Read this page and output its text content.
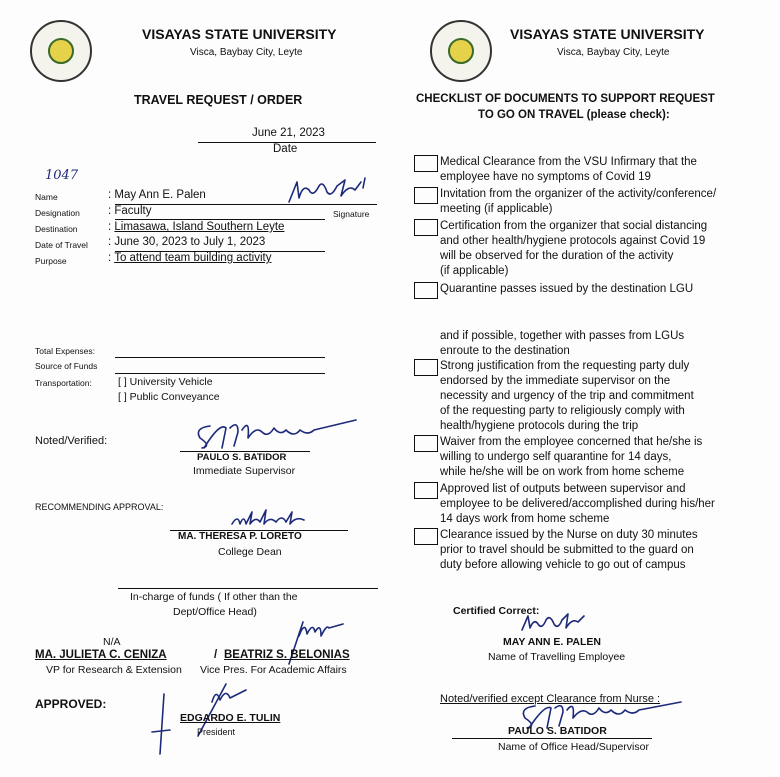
VISAYAS STATE UNIVERSITY
Visca, Baybay City, Leyte
TRAVEL REQUEST / ORDER
June 21, 2023
Date
1047
Name	: May Ann E. Palen
Designation : Faculty
Destination	: Limasawa, Island Southern Leyte
Date of Travel : June 30, 2023 to July 1, 2023
Purpose	: To attend team building activity
Signature
Total Expenses:
Source of Funds
Transportation: [ ] University Vehicle
[ ] Public Conveyance
Noted/Verified:
PAULO S. BATIDOR
Immediate Supervisor
RECOMMENDING APPROVAL:
MA. THERESA P. LORETO
College Dean
In-charge of funds ( If other than the
Dept/Office Head)
N/A
MA. JULIETA C. CENIZA	/ BEATRIZ S. BELONIAS
VP for Research & Extension Vice Pres. For Academic Affairs
APPROVED:
EDGARDO E. TULIN
President
VISAYAS STATE UNIVERSITY
Visca, Baybay City, Leyte
CHECKLIST OF DOCUMENTS TO SUPPORT REQUEST
TO GO ON TRAVEL (please check):
Medical Clearance from the VSU Infirmary that the
employee have no symptoms of Covid 19
Invitation from the organizer of the activity/conference/
meeting (if applicable)
Certification from the organizer that social distancing
and other health/hygiene protocols against Covid 19
will be observed for the duration of the activity
(if applicable)
Quarantine passes issued by the destination LGU
and if possible, together with passes from LGUs
enroute to the destination
Strong justification from the requesting party duly
endorsed by the immediate supervisor on the
necessity and urgency of the trip and commitment
of the requesting party to religiously comply with
health/hygiene protocols during the trip
Waiver from the employee concerned that he/she is
willing to undergo self quarantine for 14 days,
while he/she will be on work from home scheme
Approved list of outputs between supervisor and
employee to be delivered/accomplished during his/her
14 days work from home scheme
Clearance issued by the Nurse on duty 30 minutes
prior to travel should be submitted to the guard on
duty before allowing vehicle to go out of campus
Certified Correct:
MAY ANN E. PALEN
Name of Travelling Employee
Noted/verified except Clearance from Nurse :
PAULO S. BATIDOR
Name of Office Head/Supervisor
